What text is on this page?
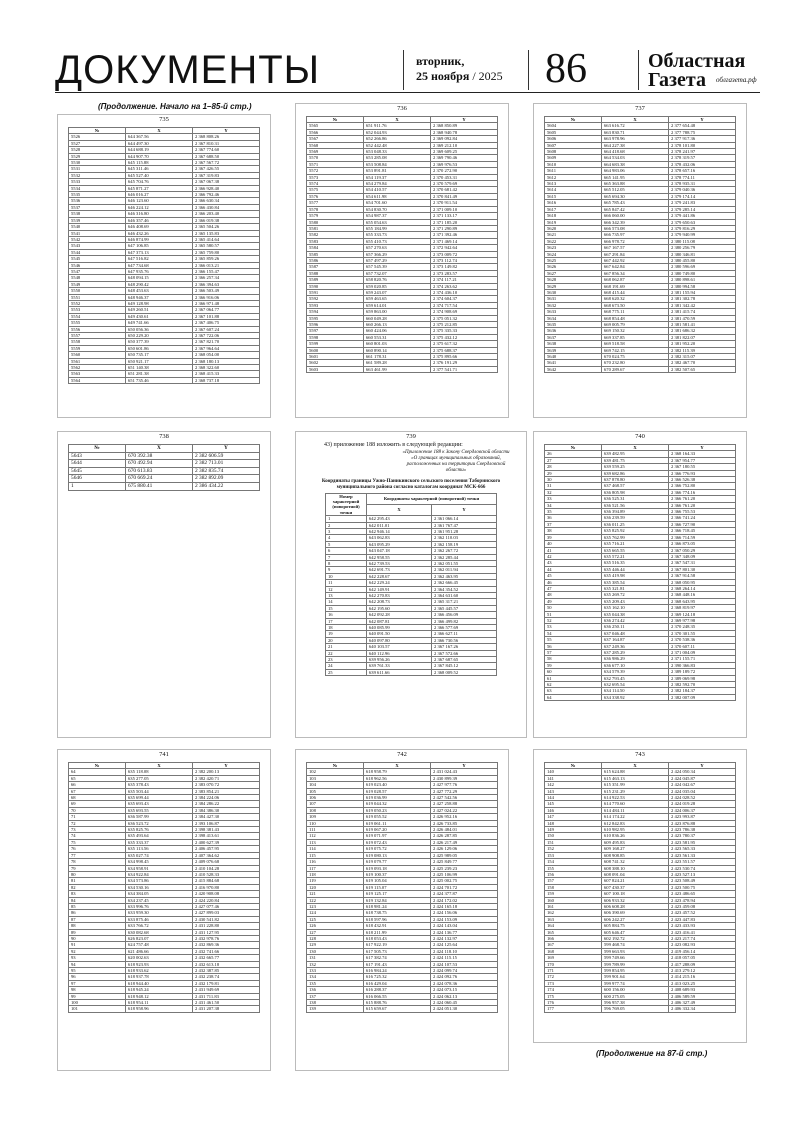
ДОКУМЕНТЫ	вторник,
25 ноября / 2025 86	Областная
Газета	облгазета.рф
(Продолжение. Начало на 1–85-й стр.)
735
№	X	Y
5526	644 367.56	2 368 808.26
5527	644 497.30	2 367 810.31
5528	644 688.19	2 367 774.60
5529	644 907.70	2 367 688.50
5530	645 115.88	2 367 567.72
5531	645 311.46	2 367 426.55
5532	645 527.40	2 367 319.83
5533	645 704.76	2 367 067.38
5534	645 871.27	2 366 928.40
5535	646 016.27	2 366 792.46
5536	646 123.60	2 366 630.34
5537	646 224.12	2 366 430.84
5538	646 316.80	2 366 203.40
5539	646 357.46	2 366 019.38
5540	646 408.69	2 365 504.26
5541	646 432.26	2 365 135.83
5542	646 874.99	2 365 414.64
5543	647 106.85	2 365 580.57
5544	647 373.13	2 365 759.80
5545	647 516.82	2 365 859.26
5546	647 734.68	2 366 013.21
5547	647 935.76	2 366 155.47
5548	648 094.15	2 366 257.34
5549	648 290.42	2 366 394.63
5550	648 453.63	2 366 503.49
5551	648 946.37	2 366 916.06
5552	649 128.98	2 366 971.48
5553	649 260.51	2 367 064.77
5554	649 430.61	2 367 101.88
5555	649 741.66	2 367 406.75
5556	650 056.36	2 367 607.24
5557	650 229.20	2 367 722.06
5558	650 377.39	2 367 821.70
5559	650 601.86	2 367 964.64
5560	650 735.17	2 368 054.00
5561	650 921.17	2 368 180.13
5562	651 140.38	2 368 322.60
5563	651 281.38	2 368 415.33
5564	651 735.46	2 368 737.18
736
№	X	Y
5565	651 911.76	2 368 850.89
5566	652 044.93	2 368 940.78
5567	652 266.86	2 369 092.84
5568	652 442.48	2 369 212.10
5569	653 048.33	2 369 609.25
5570	653 285.08	2 369 790.46
5571	653 508.84	2 369 976.53
5572	653 891.81	2 370 272.90
5573	654 119.37	2 370 453.31
5574	654 279.84	2 370 579.69
5575	654 410.57	2 370 681.42
5576	654 611.98	2 370 841.49
5577	654 701.60	2 370 911.54
5578	654 830.70	2 371 009.10
5579	654 987.37	2 371 133.17
5580	655 054.63	2 371 185.20
5581	655 184.99	2 371 290.89
5582	655 333.73	2 371 392.46
5583	655 410.73	2 371 469.14
5584	657 270.63	2 372 942.64
5585	657 366.29	2 373 009.72
5586	657 497.29	2 373 112.74
5587	657 545.39	2 373 149.82
5588	657 732.07	2 373 283.57
5589	658 820.76	2 374 117.21
5590	659 020.85	2 374 263.62
5591	659 243.07	2 374 436.10
5592	659 463.65	2 374 604.37
5593	659 614.01	2 374 717.54
5594	659 863.00	2 374 908.69
5595	660 049.28	2 375 051.32
5596	660 266.13	2 375 212.85
5597	660 424.06	2 375 335.33
5598	660 553.31	2 375 432.12
5599	660 801.03	2 375 617.32
5600	660 890.14	2 375 688.37
5601	661 178.31	2 375 895.66
5602	661 589.28	2 376 191.29
5603	663 461.99	2 377 541.71
737
№	X	Y
5604	663 616.72	2 377 654.48
5605	663 830.71	2 377 788.75
5606	663 978.96	2 377 917.36
5607	664 227.38	2 378 101.80
5608	664 418.68	2 378 241.97
5609	664 534.03	2 378 319.57
5610	664 683.38	2 378 432.06
5611	664 983.06	2 378 657.16
5612	665 141.95	2 378 774.11
5613	665 363.88	2 378 935.31
5614	665 512.05	2 379 040.36
5615	665 694.30	2 379 174.14
5616	665 785.43	2 379 241.83
5617	665 847.42	2 379 285.14
5618	666 060.00	2 379 441.86
5619	666 342.39	2 379 650.63
5620	666 573.08	2 379 816.29
5621	666 735.97	2 379 940.99
5622	666 978.72	2 380 115.08
5623	667 167.57	2 380 256.79
5624	667 291.84	2 380 346.81
5625	667 442.92	2 380 455.80
5626	667 642.84	2 380 596.69
5627	667 856.34	2 380 749.80
5628	668 062.87	2 380 898.61
5629	668 191.69	2 380 994.58
5630	668 415.44	2 381 155.94
5631	668 620.32	2 381 302.78
5632	668 673.50	2 381 342.42
5633	668 775.11	2 381 415.74
5634	668 854.48	2 381 470.59
5635	669 005.79	2 381 581.41
5636	669 150.32	2 381 686.32
5637	669 337.85	2 381 822.07
5638	669 518.58	2 381 952.20
5639	669 742.15	2 382 115.39
5640	670 024.75	2 382 315.07
5641	670 232.80	2 382 467.70
5642	670 289.67	2 382 507.65
738
№	X	Y
5643	670 392.38	2 382 606.59
5644	670 492.94	2 382 713.01
5645	670 613.83	2 382 835.74
5646	670 669.24	2 382 892.09
1	675 880.41	2 386 434.22
739
43) приложение 188 изложить в следующей редакции:
«Приложение 188 к Закону Свердловской области «О границах муниципальных образований, расположенных на территории Свердловской области»
Координаты границы Ужно-Паникинского сельского поселения Таборинского муниципального района согласно каталогам координат МСК-666
Номер характерной (поворотной) точки	Координаты характерной (поворотной) точки	
	X	Y
1	642 295.43	2 361 066.14
2	642 011.01	2 361 767.47
3	642 946.14	2 361 951.28
4	643 062.83	2 362 110.03
5	643 095.29	2 362 158.19
6	643 047.18	2 362 267.72
7	642 958.55	2 362 285.44
8	642 739.53	2 362 051.55
9	642 691.73	2 362 011.94
10	642 228.67	2 362 463.95
11	642 229.24	2 362 666.45
12	642 149.91	2 364 354.52
13	642 270.83	2 364 631.60
14	642 208.73	2 365 317.21
15	642 195.60	2 365 445.57
16	642 092.28	2 366 456.09
17	642 087.81	2 366 499.82
18	640 085.99	2 366 577.69
19	640 091.50	2 366 627.11
20	640 097.80	2 366 730.56
21	640 103.57	2 367 167.26
22	640 112.96	2 367 572.66
23	639 956.26	2 367 687.65
24	639 761.33	2 367 845.12
25	639 611.66	2 368 009.52
740
№	X	Y
26	639 482.95	2 368 164.33
27	639 481.75	2 367 954.77
28	639 559.25	2 367 180.55
29	639 682.86	2 366 776.93
30	637 878.80	2 366 526.38
31	637 468.57	2 366 752.80
32	636 805.98	2 366 774.16
33	636 525.31	2 366 761.20
34	636 521.56	2 366 761.20
35	636 394.89	2 366 755.53
36	636 239.59	2 366 741.24
37	636 011.25	2 366 727.90
38	635 825.92	2 366 718.45
39	635 762.99	2 366 714.59
40	635 716.21	2 366 873.05
41	635 665.55	2 367 050.29
42	635 572.21	2 367 348.09
43	635 516.35	2 367 547.31
44	635 446.44	2 367 801.30
45	635 419.98	2 367 914.58
46	635 385.54	2 368 050.95
47	635 321.81	2 368 264.14
48	635 269.72	2 368 448.16
49	635 209.43	2 368 643.95
50	635 162.10	2 368 819.97
51	635 044.38	2 369 124.18
52	636 274.42	2 369 977.98
53	636 250.11	2 370 248.35
54	637 046.48	2 370 301.55
55	637 164.87	2 370 538.36
56	637 249.36	2 370 607.11
57	637 285.29	2 371 004.09
58	636 986.29	2 371 155.71
59	636 677.10	2 390 366.83
60	634 579.39	2 389 189.72
61	632 793.45	2 389 069.98
62	632 695.54	2 382 592.70
63	634 114.50	2 382 184.37
64	634 338.92	2 382 007.09
741
№	X	Y
64	635 118.08	2 382 200.13
65	635 277.05	2 382 420.71
66	635 378.43	2 383 070.72
67	635 503.44	2 383 854.21
68	635 699.44	2 384 224.06
69	635 693.43	2 384 286.22
70	635 693.55	2 384 386.30
71	636 587.99	2 384 427.30
72	636 523.72	2 393 106.87
73	635 825.76	2 398 381.43
74	635 493.64	2 398 413.61
75	635 333.37	2 400 627.39
76	635 113.56	2 406 457.95
77	635 027.74	2 407 364.62
78	634 998.45	2 409 076.68
79	634 958.91	2 410 104.28
80	634 922.84	2 410 528.33
81	634 573.86	2 415 884.68
82	634 530.16	2 416 970.80
83	634 384.05	2 420 908.08
84	634 237.45	2 424 220.84
85	633 996.76	2 427 077.46
86	633 959.30	2 427 899.03
87	633 875.46	2 430 541.82
88	633 766.72	2 431 228.80
89	630 082.68	2 431 127.95
90	626 823.07	2 432 978.76
91	624 757.48	2 432 869.36
92	621 486.66	2 432 741.66
93	620 002.63	2 432 665.77
94	618 923.93	2 432 613.18
95	618 933.62	2 432 387.85
96	618 937.78	2 432 238.74
97	618 944.40	2 432 179.81
98	618 945.24	2 431 949.69
99	618 948.12	2 431 711.83
100	618 954.11	2 431 461.50
101	618 958.96	2 431 207.38
742
№	X	Y
102	618 958.79	2 431 024.43
103	618 962.56	2 430 899.39
104	619 023.40	2 427 977.76
105	619 028.57	2 427 772.29
106	619 036.99	2 427 542.56
107	619 044.32	2 427 258.88
108	619 050.23	2 427 024.22
109	619 055.52	2 426 952.16
110	619 061.11	2 426 733.85
111	619 067.20	2 426 484.01
112	619 071.97	2 426 287.85
113	619 072.43	2 426 217.49
114	619 075.72	2 426 129.06
115	619 080.13	2 425 989.05
116	619 079.77	2 425 849.77
117	619 093.18	2 425 239.23
118	619 100.37	2 425 106.99
119	619 105.04	2 425 002.75
120	619 115.07	2 424 701.72
121	619 125.17	2 424 377.87
122	619 132.84	2 424 172.02
123	618 981.24	2 424 165.18
124	618 738.75	2 424 156.06
125	618 597.96	2 424 153.09
126	618 432.91	2 424 143.04
127	618 211.99	2 424 136.77
128	618 053.43	2 424 132.97
129	617 922.19	2 424 125.64
130	617 505.73	2 424 118.10
131	617 382.74	2 424 115.15
132	617 191.43	2 424 107.53
133	616 984.24	2 424 099.74
134	616 725.32	2 424 092.76
135	616 429.04	2 424 078.36
136	616 288.37	2 424 073.15
137	616 066.55	2 424 062.13
138	615 888.76	2 424 060.45
139	615 659.67	2 424 051.30
743
№	X	Y
140	615 624.88	2 424 050.34
141	615 463.13	2 424 045.87
142	615 351.99	2 424 042.67
143	615 231.29	2 424 035.04
144	614 922.53	2 424 028.52
145	614 770.60	2 424 019.28
146	614 484.11	2 424 006.37
147	614 174.22	2 423 993.87
148	612 842.83	2 423 876.88
149	610 982.95	2 423 786.38
150	610 836.26	2 423 780.37
151	609 495.83	2 423 581.95
152	609 168.27	2 423 565.33
153	608 908.85	2 423 561.33
154	608 741.32	2 423 551.57
155	608 388.10	2 423 530.74
156	608 091.04	2 423 527.13
157	607 824.21	2 423 508.49
158	607 430.37	2 423 500.75
159	607 100.18	2 423 486.65
160	606 933.32	2 423 478.94
161	606 608.28	2 423 459.08
162	606 390.69	2 423 457.52
163	606 242.27	2 423 447.83
164	605 884.75	2 423 433.93
165	605 646.47	2 423 416.41
166	602 192.72	2 423 217.74
167	599 468.74	2 423 082.93
168	599 663.93	2 419 456.14
169	599 749.66	2 418 057.05
170	599 789.99	2 417 288.09
171	599 854.95	2 413 279.12
172	599 901.64	2 414 215.16
173	599 977.74	2 413 023.25
174	600 156.00	2 408 689.93
175	600 275.05	2 406 589.59
176	596 957.38	2 406 327.49
177	596 769.05	2 406 332.34
(Продолжение на 87-й стр.)
